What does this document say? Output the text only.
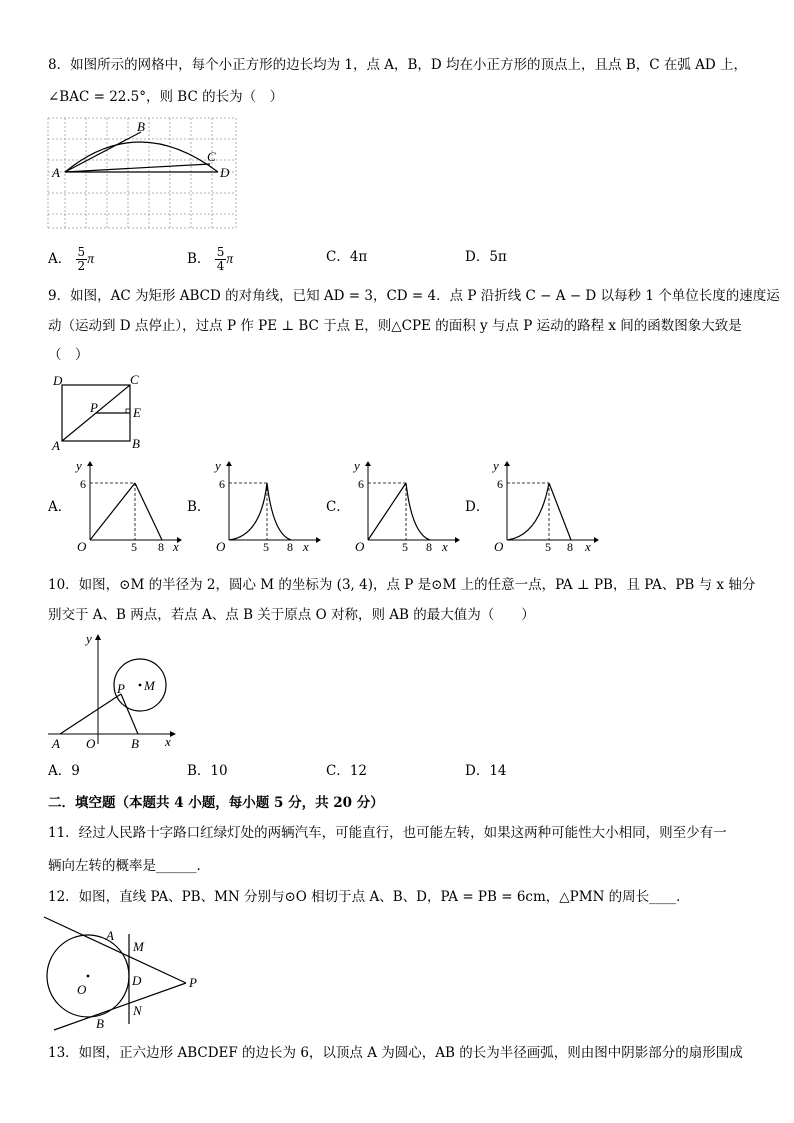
8．如图所示的网格中，每个小正方形的边长均为 1，点 A，B，D 均在小正方形的顶点上，且点 B，C 在弧 AD 上，
∠BAC = 22.5°，则 BC 的长为（　）
A
B
C
D
A． $\frac{5}{2}$ π	B． $\frac{5}{4}$ π	C．4π	D．5π
9．如图，AC 为矩形 ABCD 的对角线，已知 AD = 3，CD = 4．点 P 沿折线 C − A − D 以每秒 1 个单位长度的速度运
动（运动到 D 点停止），过点 P 作 PE ⊥ BC 于点 E，则△CPE 的面积 y 与点 P 运动的路程 x 间的函数图象大致是
（　）
D	C
P	E
A	B
A．
y
6
O	5 8 x
B．
y
6
O	5 8 x
C．
y
6
O	5 8 x
D．
y
6
O	5 8 x
10．如图，⊙M 的半径为 2，圆心 M 的坐标为 (3, 4)，点 P 是⊙M 上的任意一点，PA ⊥ PB，且 PA、PB 与 x 轴分
别交于 A、B 两点，若点 A、点 B 关于原点 O 对称，则 AB 的最大值为（　　）
y
x
A O	B
P M
A．9	B．10	C．12	D．14
二．填空题（本题共 4 小题，每小题 5 分，共 20 分）
11．经过人民路十字路口红绿灯处的两辆汽车，可能直行，也可能左转，如果这两种可能性大小相同，则至少有一
辆向左转的概率是______．
12．如图，直线 PA、PB、MN 分别与⊙O 相切于点 A、B、D，PA = PB = 6cm，△PMN 的周长____．
A
M
D
O	P
B
N
13．如图，正六边形 ABCDEF 的边长为 6，以顶点 A 为圆心，AB 的长为半径画弧，则由图中阴影部分的扇形围成
